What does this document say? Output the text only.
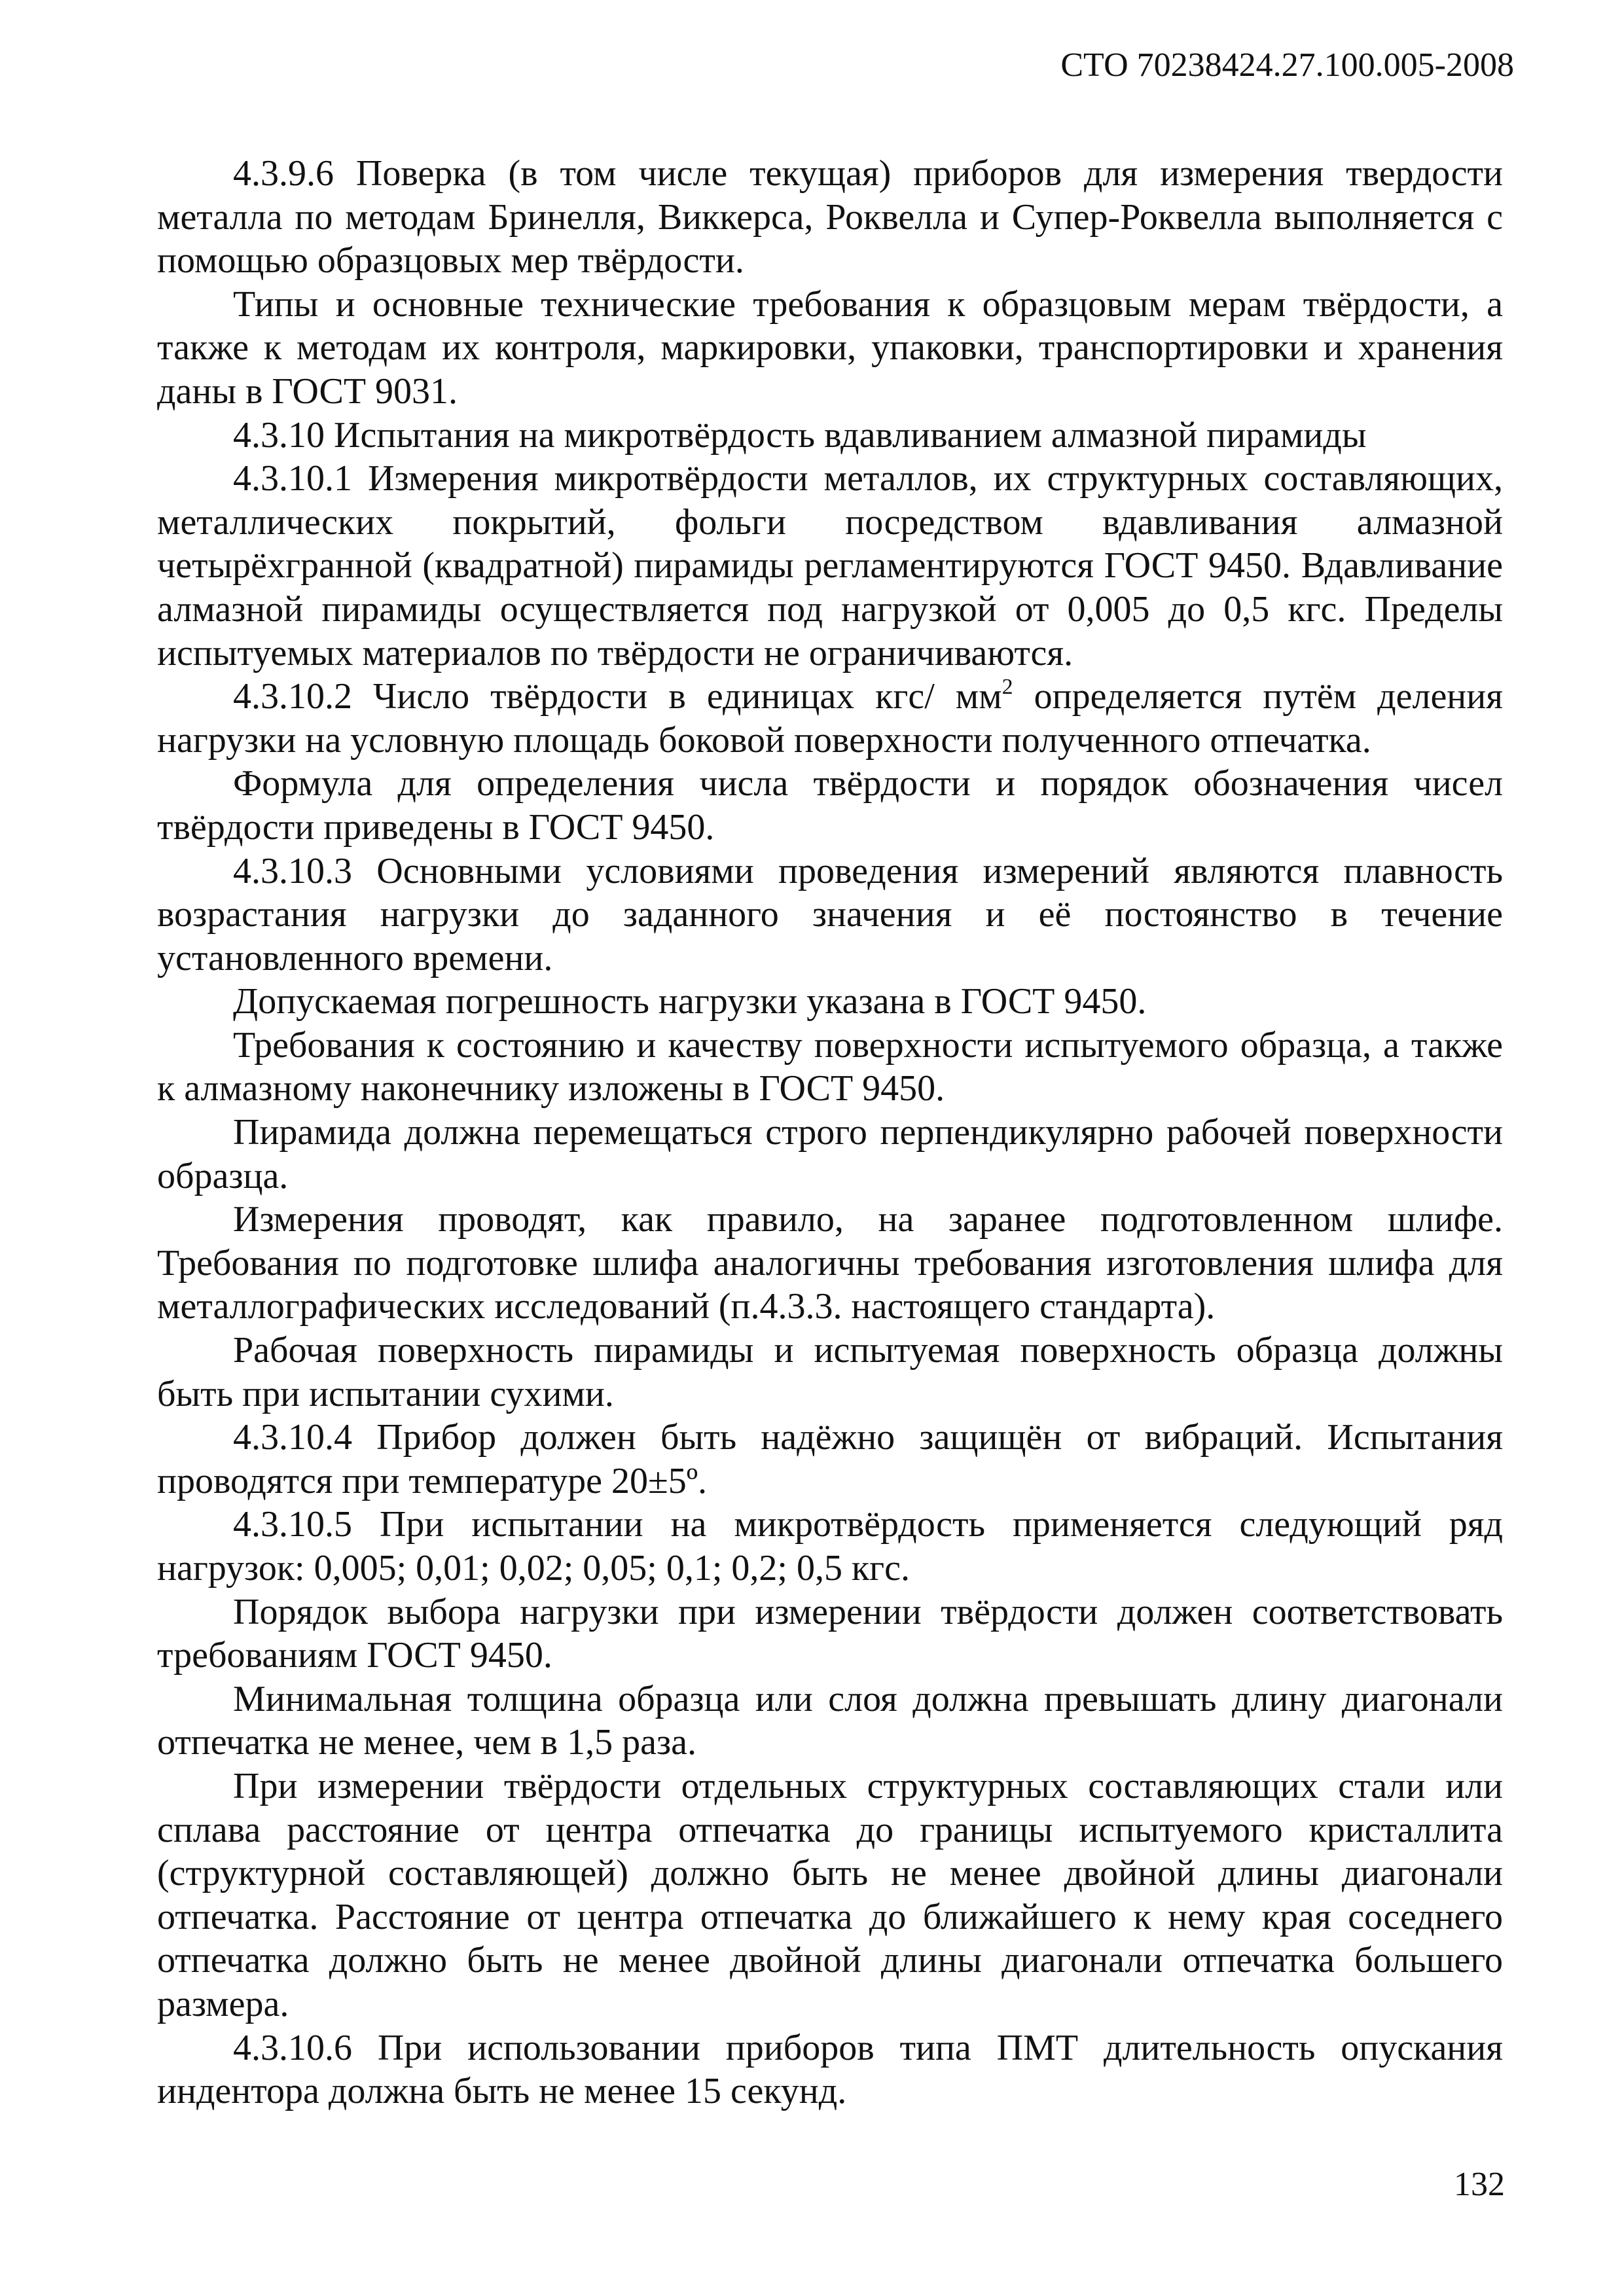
СТО 70238424.27.100.005-2008

4.3.9.6 Поверка (в том числе текущая) приборов для измерения твердости металла по методам Бринелля, Виккерса, Роквелла и Супер-Роквелла выполняется с помощью образцовых мер твёрдости.

Типы и основные технические требования к образцовым мерам твёрдости, а также к методам их контроля, маркировки, упаковки, транспортировки и хранения даны в ГОСТ 9031.

4.3.10 Испытания на микротвёрдость вдавливанием алмазной пирамиды

4.3.10.1 Измерения микротвёрдости металлов, их структурных составляющих, металлических покрытий, фольги посредством вдавливания алмазной четырёхгранной (квадратной) пирамиды регламентируются ГОСТ 9450. Вдавливание алмазной пирамиды осуществляется под нагрузкой от 0,005 до 0,5 кгс. Пределы испытуемых материалов по твёрдости не ограничиваются.

4.3.10.2 Число твёрдости в единицах кгс/ $мм^2$ определяется путём деления нагрузки на условную площадь боковой поверхности полученного отпечатка.

Формула для определения числа твёрдости и порядок обозначения чисел твёрдости приведены в ГОСТ 9450.

4.3.10.3 Основными условиями проведения измерений являются плавность возрастания нагрузки до заданного значения и её постоянство в течение установленного времени.

Допускаемая погрешность нагрузки указана в ГОСТ 9450.

Требования к состоянию и качеству поверхности испытуемого образца, а также к алмазному наконечнику изложены в ГОСТ 9450.

Пирамида должна перемещаться строго перпендикулярно рабочей поверхности образца.

Измерения проводят, как правило, на заранее подготовленном шлифе. Требования по подготовке шлифа аналогичны требования изготовления шлифа для металлографических исследований (п.4.3.3. настоящего стандарта).

Рабочая поверхность пирамиды и испытуемая поверхность образца должны быть при испытании сухими.

4.3.10.4 Прибор должен быть надёжно защищён от вибраций. Испытания проводятся при температуре 20±5º.

4.3.10.5 При испытании на микротвёрдость применяется следующий ряд нагрузок: 0,005; 0,01; 0,02; 0,05; 0,1; 0,2; 0,5 кгс.

Порядок выбора нагрузки при измерении твёрдости должен соответствовать требованиям ГОСТ 9450.

Минимальная толщина образца или слоя должна превышать длину диагонали отпечатка не менее, чем в 1,5 раза.

При измерении твёрдости отдельных структурных составляющих стали или сплава расстояние от центра отпечатка до границы испытуемого кристаллита (структурной составляющей) должно быть не менее двойной длины диагонали отпечатка. Расстояние от центра отпечатка до ближайшего к нему края соседнего отпечатка должно быть не менее двойной длины диагонали отпечатка большего размера.

4.3.10.6 При использовании приборов типа ПМТ длительность опускания индентора должна быть не менее 15 секунд.

132
